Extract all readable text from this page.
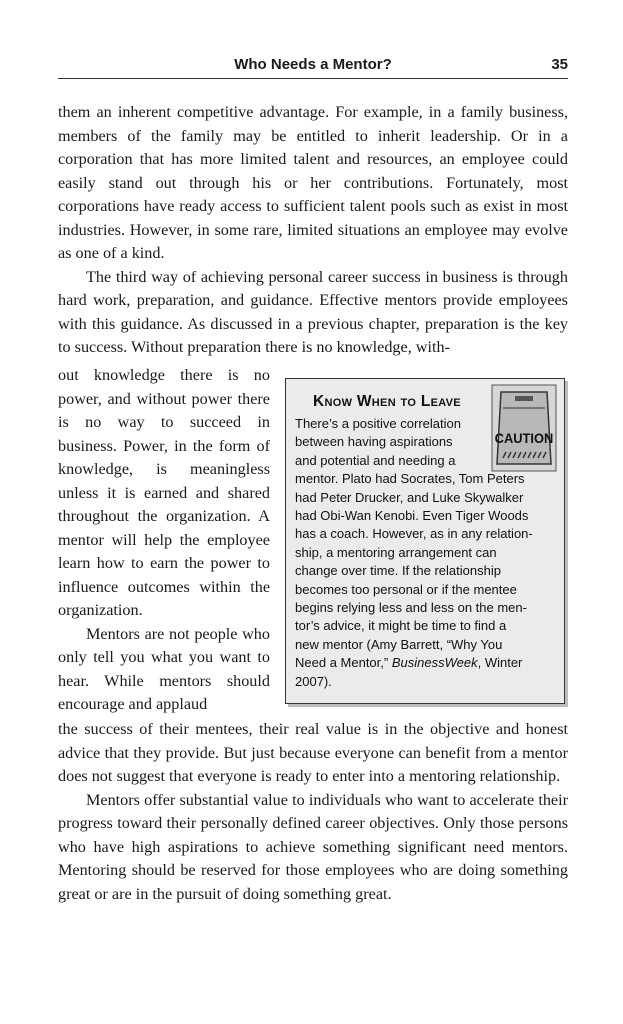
Who Needs a Mentor?	35

them an inherent competitive advantage. For example, in a family business, members of the family may be entitled to inherit leadership. Or in a corporation that has more limited talent and resources, an employee could easily stand out through his or her contributions. Fortunately, most corporations have ready access to sufficient talent pools such as exist in most industries. However, in some rare, limited situations an employee may evolve as one of a kind.

The third way of achieving personal career success in business is through hard work, preparation, and guidance. Effective mentors provide employees with this guidance. As discussed in a previous chapter, preparation is the key to success. Without preparation there is no knowledge, with-

out knowledge there is no power, and without power there is no way to succeed in business. Power, in the form of knowledge, is meaningless unless it is earned and shared throughout the organization. A mentor will help the employee learn how to earn the power to influence outcomes within the organization.

Mentors are not people who only tell you what you want to hear. While mentors should encourage and applaud

Know When to Leave
CAUTION
There’s a positive correlation
between having aspirations
and potential and needing a
mentor. Plato had Socrates, Tom Peters
had Peter Drucker, and Luke Skywalker
had Obi-Wan Kenobi. Even Tiger Woods
has a coach. However, as in any relation-
ship, a mentoring arrangement can
change over time. If the relationship
becomes too personal or if the mentee
begins relying less and less on the men-
tor’s advice, it might be time to find a
new mentor (Amy Barrett, “Why You
Need a Mentor,” BusinessWeek, Winter
2007).

the success of their mentees, their real value is in the objective and honest advice that they provide. But just because everyone can benefit from a mentor does not suggest that everyone is ready to enter into a mentoring relationship.

Mentors offer substantial value to individuals who want to accelerate their progress toward their personally defined career objectives. Only those persons who have high aspirations to achieve something significant need mentors. Mentoring should be reserved for those employees who are doing something great or are in the pursuit of doing something great.
